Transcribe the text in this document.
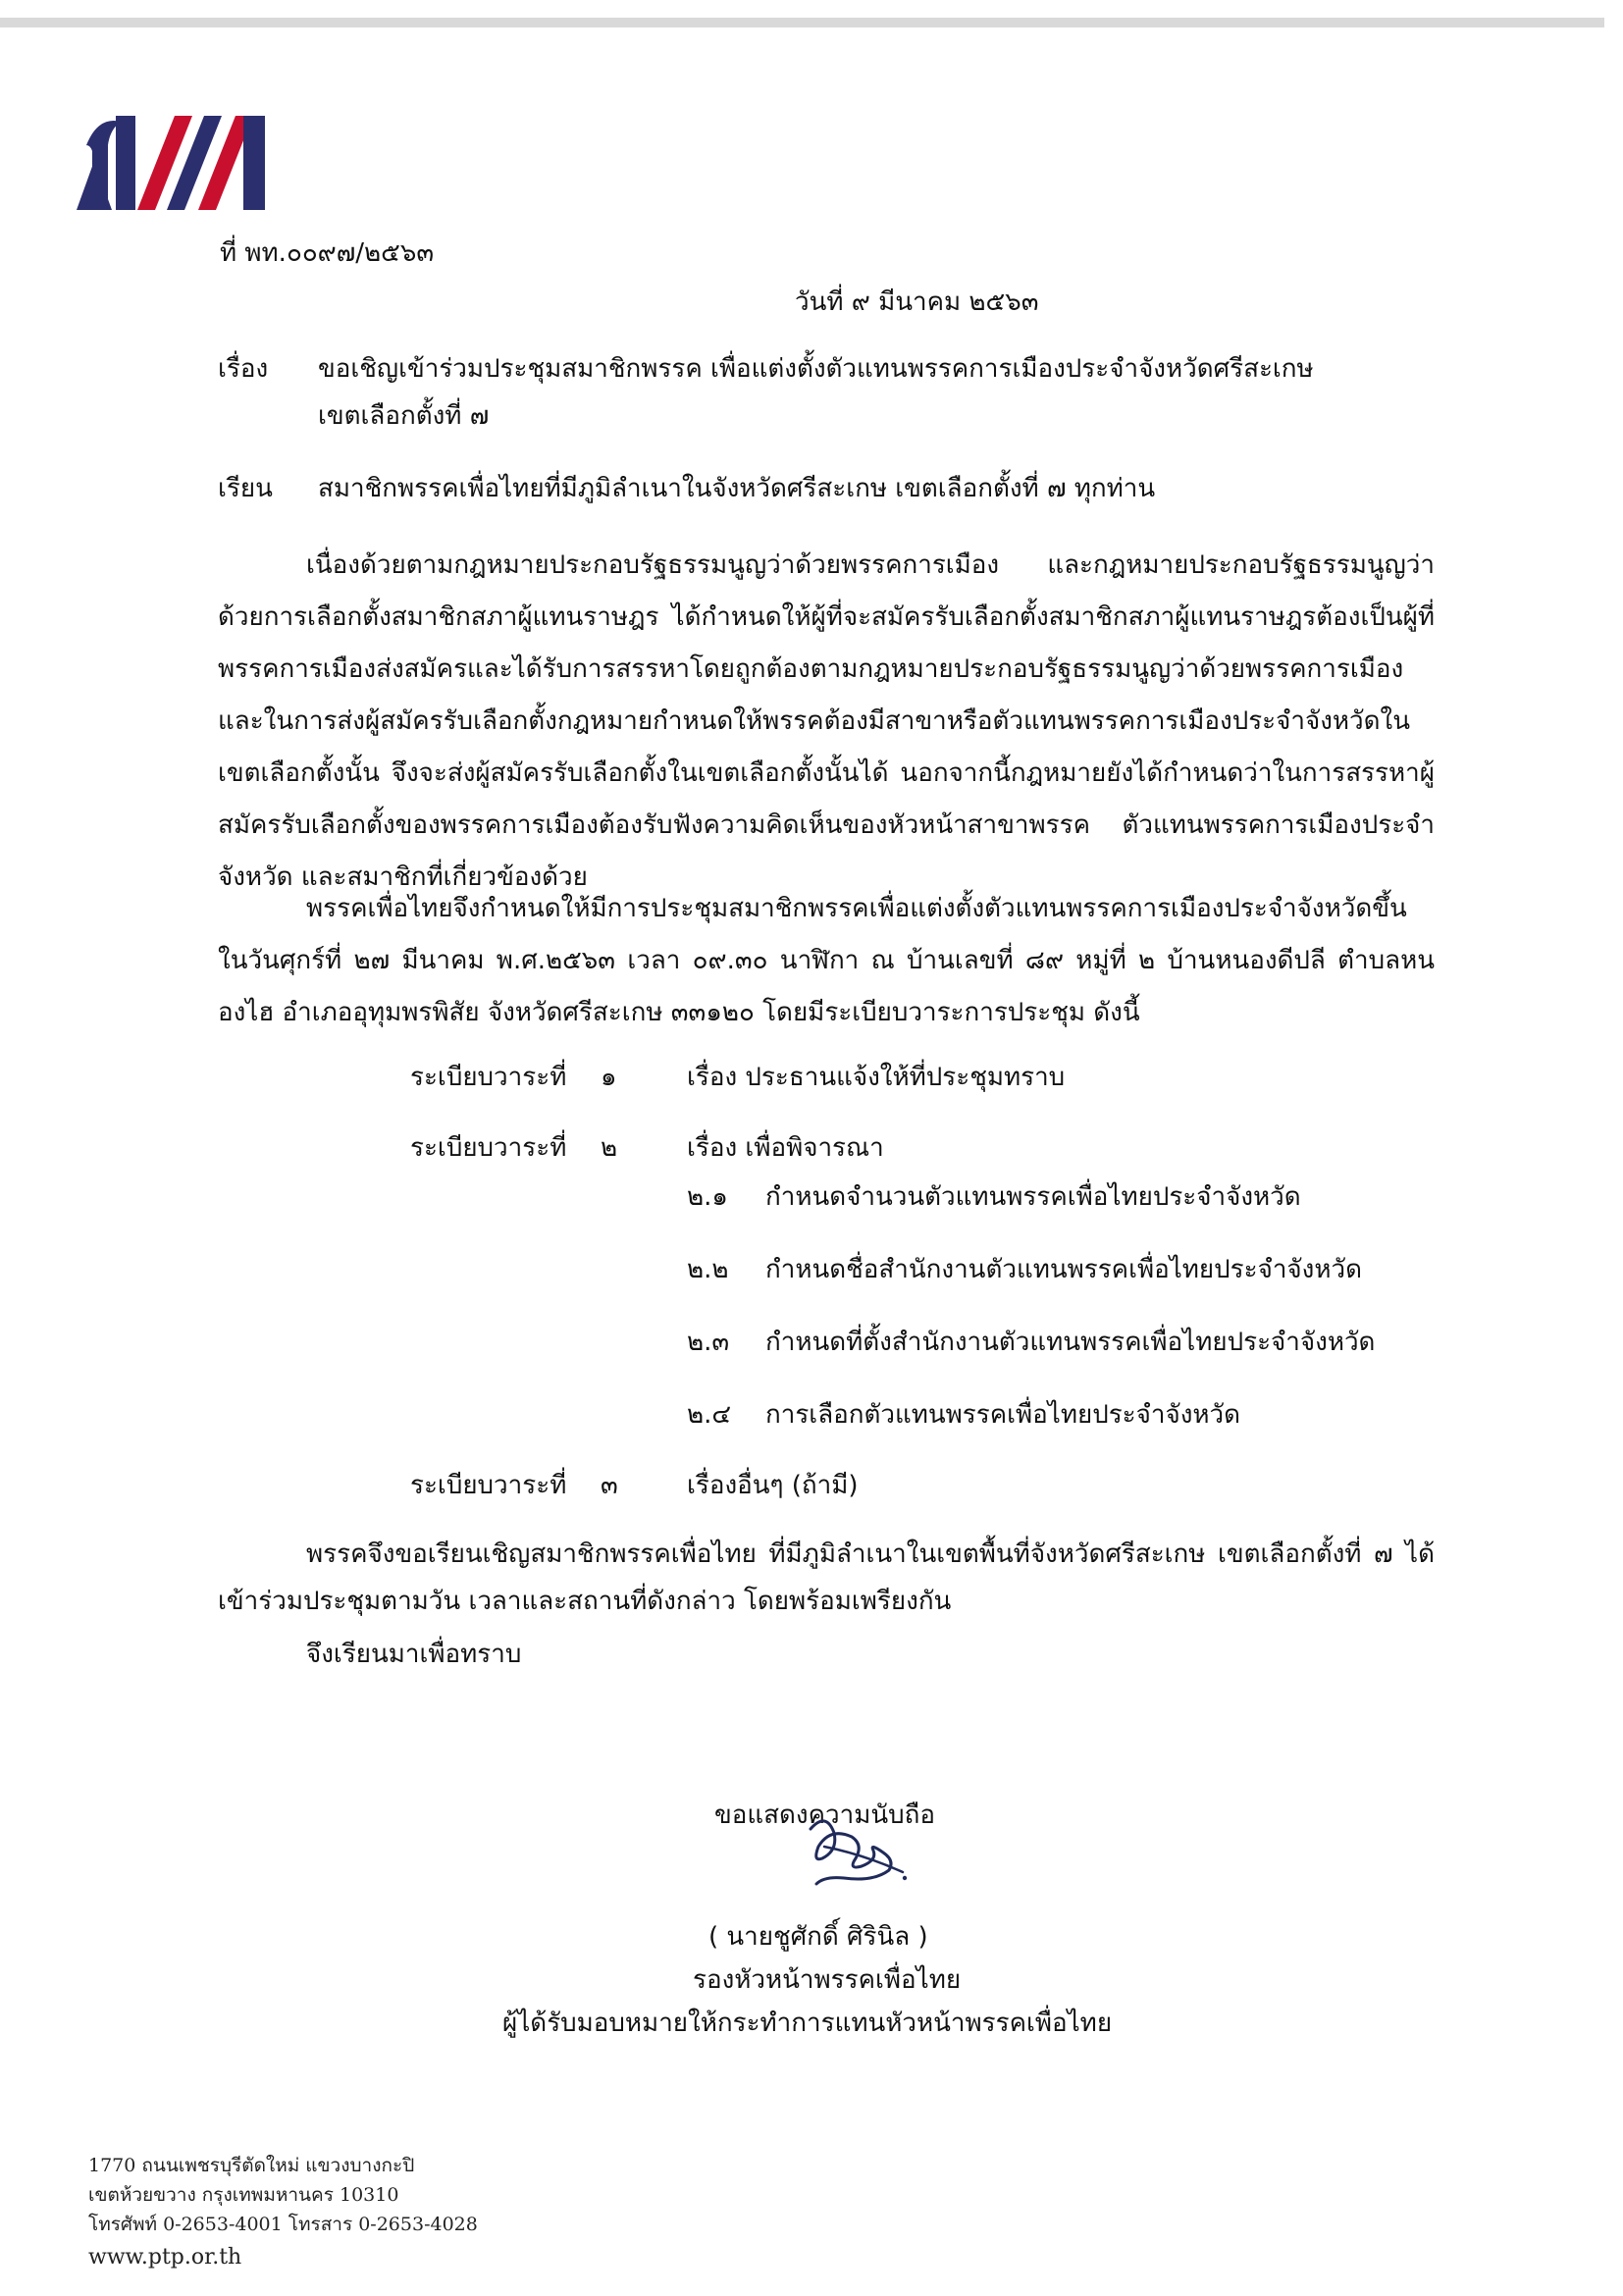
ที่ พท.๐๐๙๗/๒๕๖๓
วันที่ ๙ มีนาคม ๒๕๖๓
เรื่อง ขอเชิญเข้าร่วมประชุมสมาชิกพรรค เพื่อแต่งตั้งตัวแทนพรรคการเมืองประจำจังหวัดศรีสะเกษ
เขตเลือกตั้งที่ ๗
เรียน สมาชิกพรรคเพื่อไทยที่มีภูมิลำเนาในจังหวัดศรีสะเกษ เขตเลือกตั้งที่ ๗ ทุกท่าน
เนื่องด้วยตามกฎหมายประกอบรัฐธรรมนูญว่าด้วยพรรคการเมือง และกฎหมายประกอบรัฐธรรมนูญว่าด้วยการเลือกตั้งสมาชิกสภาผู้แทนราษฎร ได้กำหนดให้ผู้ที่จะสมัครรับเลือกตั้งสมาชิกสภาผู้แทนราษฎรต้องเป็นผู้ที่พรรคการเมืองส่งสมัครและได้รับการสรรหาโดยถูกต้องตามกฎหมายประกอบรัฐธรรมนูญว่าด้วยพรรคการเมือง และในการส่งผู้สมัครรับเลือกตั้งกฎหมายกำหนดให้พรรคต้องมีสาขาหรือตัวแทนพรรคการเมืองประจำจังหวัดในเขตเลือกตั้งนั้น จึงจะส่งผู้สมัครรับเลือกตั้งในเขตเลือกตั้งนั้นได้ นอกจากนี้กฎหมายยังได้กำหนดว่าในการสรรหาผู้สมัครรับเลือกตั้งของพรรคการเมืองต้องรับฟังความคิดเห็นของหัวหน้าสาขาพรรค ตัวแทนพรรคการเมืองประจำจังหวัด และสมาชิกที่เกี่ยวข้องด้วย
พรรคเพื่อไทยจึงกำหนดให้มีการประชุมสมาชิกพรรคเพื่อแต่งตั้งตัวแทนพรรคการเมืองประจำจังหวัดขึ้นในวันศุกร์ที่ ๒๗ มีนาคม พ.ศ.๒๕๖๓ เวลา ๐๙.๓๐ นาฬิกา ณ บ้านเลขที่ ๘๙ หมู่ที่ ๒ บ้านหนองดีปลี ตำบลหนองไฮ อำเภออุทุมพรพิสัย จังหวัดศรีสะเกษ ๓๓๑๒๐ โดยมีระเบียบวาระการประชุม ดังนี้
ระเบียบวาระที่ ๑	เรื่อง ประธานแจ้งให้ที่ประชุมทราบ
ระเบียบวาระที่ ๒	เรื่อง เพื่อพิจารณา
๒.๑ กำหนดจำนวนตัวแทนพรรคเพื่อไทยประจำจังหวัด
๒.๒ กำหนดชื่อสำนักงานตัวแทนพรรคเพื่อไทยประจำจังหวัด
๒.๓ กำหนดที่ตั้งสำนักงานตัวแทนพรรคเพื่อไทยประจำจังหวัด
๒.๔ การเลือกตัวแทนพรรคเพื่อไทยประจำจังหวัด
ระเบียบวาระที่ ๓	เรื่องอื่นๆ (ถ้ามี)
พรรคจึงขอเรียนเชิญสมาชิกพรรคเพื่อไทย ที่มีภูมิลำเนาในเขตพื้นที่จังหวัดศรีสะเกษ เขตเลือกตั้งที่ ๗ ได้เข้าร่วมประชุมตามวัน เวลาและสถานที่ดังกล่าว โดยพร้อมเพรียงกัน
จึงเรียนมาเพื่อทราบ
ขอแสดงความนับถือ
( นายชูศักดิ์ ศิรินิล )
รองหัวหน้าพรรคเพื่อไทย
ผู้ได้รับมอบหมายให้กระทำการแทนหัวหน้าพรรคเพื่อไทย
1770 ถนนเพชรบุรีตัดใหม่ แขวงบางกะปิ
เขตห้วยขวาง กรุงเทพมหานคร 10310
โทรศัพท์ 0-2653-4001 โทรสาร 0-2653-4028
www.ptp.or.th
